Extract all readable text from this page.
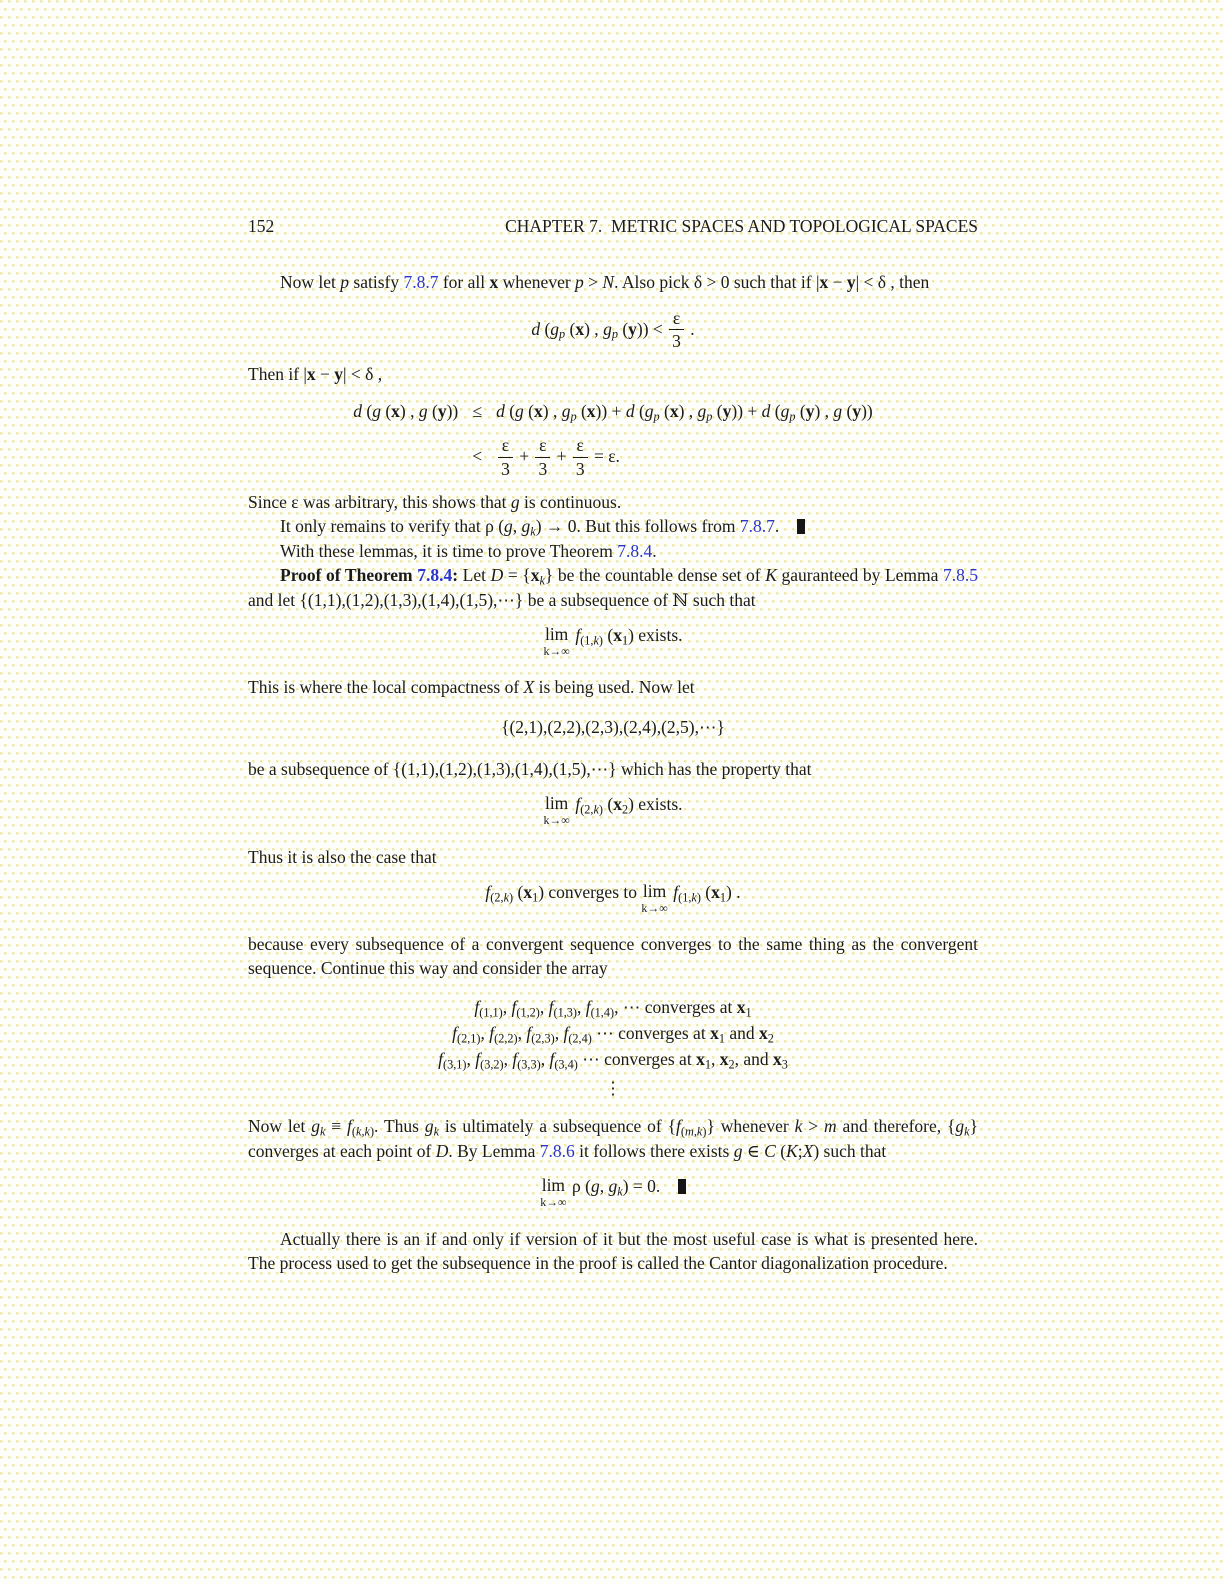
152	CHAPTER 7. METRIC SPACES AND TOPOLOGICAL SPACES

Now let p satisfy 7.8.7 for all x whenever p > N. Also pick δ > 0 such that if |x − y| < δ , then

d (gp (x) , gp $(y)) < \frac{\varepsilon}{3}$ .

Then if |x − y| < δ ,

d (g (x) , g (y)) ≤ d (g (x) , gp (x)) + d (gp (x) , gp (y)) + d (gp (y) , g (y))
< $\frac{\varepsilon}{3} + \frac{\varepsilon}{3} + \frac{\varepsilon}{3} = \varepsilon$.

Since ε was arbitrary, this shows that g is continuous.

It only remains to verify that ρ (g, gk) → 0. But this follows from 7.8.7. 

With these lemmas, it is time to prove Theorem 7.8.4.

Proof of Theorem 7.8.4: Let D = {xk} be the countable dense set of K gauranteed by Lemma 7.8.5 and let {(1,1),(1,2),(1,3),(1,4),(1,5),⋯} be a subsequence of ℕ such that

lim
k→∞
 f(1,k) (x1) exists.

This is where the local compactness of X is being used. Now let

{(2,1),(2,2),(2,3),(2,4),(2,5),⋯}

be a subsequence of {(1,1),(1,2),(1,3),(1,4),(1,5),⋯} which has the property that

lim
k→∞
 f(2,k) (x2) exists.

Thus it is also the case that

f(2,k) (x1) converges to lim
k→∞
 f(1,k) (x1) .

because every subsequence of a convergent sequence converges to the same thing as the convergent sequence. Continue this way and consider the array

f(1,1), f(1,2), f(1,3), f(1,4), ⋯ converges at x1
f(2,1), f(2,2), f(2,3), f(2,4) ⋯ converges at x1 and x2
f(3,1), f(3,2), f(3,3), f(3,4) ⋯ converges at x1, x2, and x3
⋮

Now let gk ≡ f(k,k). Thus gk is ultimately a subsequence of {f(m,k)} whenever k > m and therefore, {gk} converges at each point of D. By Lemma 7.8.6 it follows there exists g ∈ C (K;X) such that

lim
k→∞
 ρ (g, gk) = 0. 

Actually there is an if and only if version of it but the most useful case is what is presented here. The process used to get the subsequence in the proof is called the Cantor diagonalization procedure.
